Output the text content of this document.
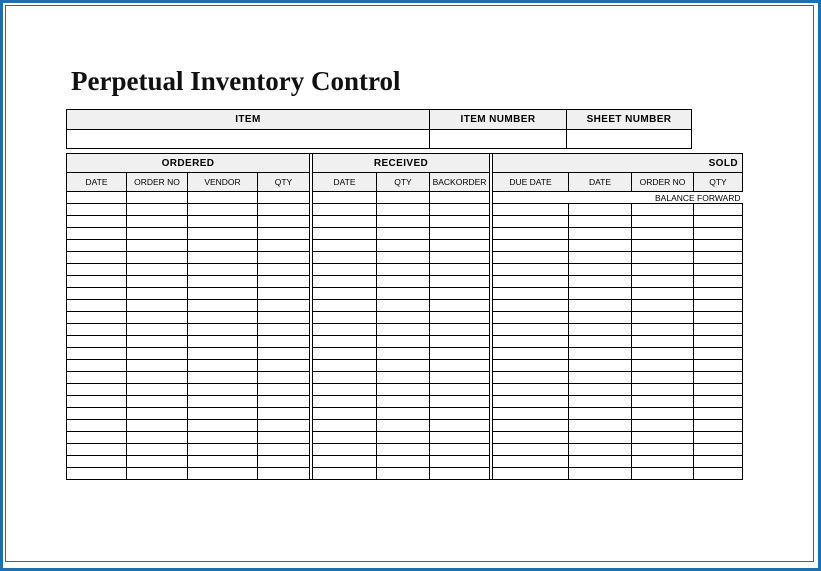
Perpetual Inventory Control
ITEM	ITEM NUMBER	SHEET NUMBER

ORDERED					RECEIVED				SOLD			
DATE	ORDER NO	VENDOR	QTY		DATE	QTY	BACKORDER		DUE DATE	DATE	ORDER NO	QTY
									BALANCE FORWARD			
